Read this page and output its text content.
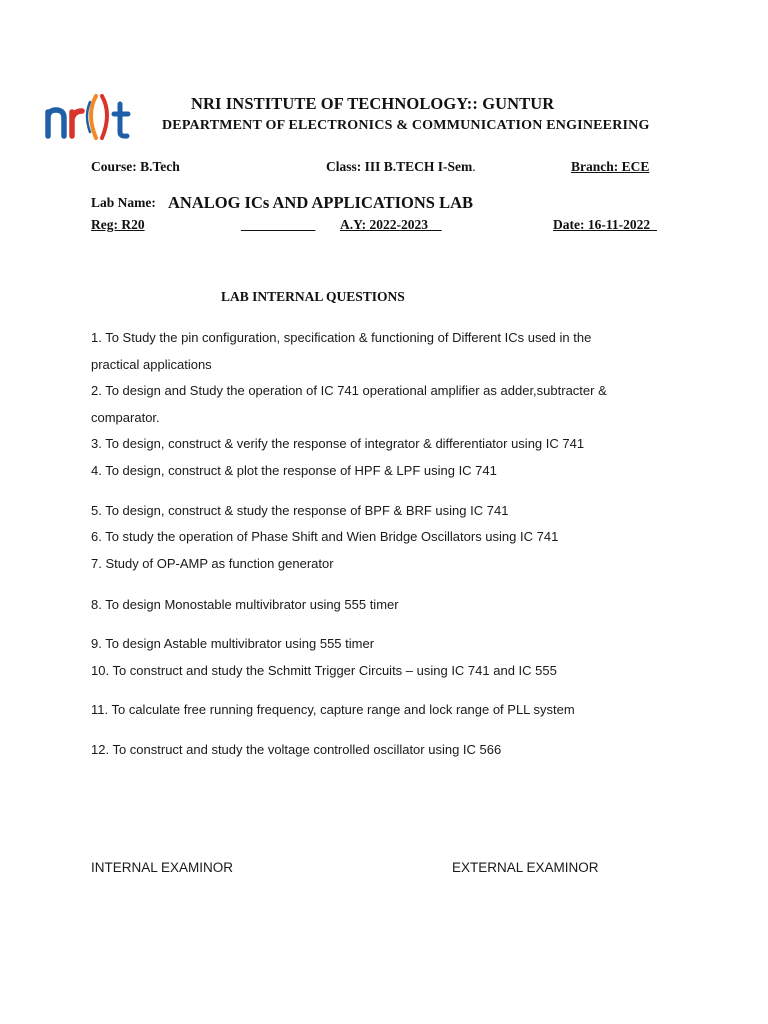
NRI INSTITUTE OF TECHNOLOGY:: GUNTUR
DEPARTMENT OF ELECTRONICS & COMMUNICATION ENGINEERING
Course: B.Tech	Class: III B.TECH I-Sem.	Branch: ECE
Lab Name: ANALOG ICs AND APPLICATIONS LAB
Reg: R20	___________ A.Y: 2022-2023__	Date: 16-11-2022_
LAB INTERNAL QUESTIONS
1. To Study the pin configuration, specification & functioning of Different ICs used in the
practical applications
2. To design and Study the operation of IC 741 operational amplifier as adder,subtracter &
comparator.
3. To design, construct & verify the response of integrator & differentiator using IC 741
4. To design, construct & plot the response of HPF & LPF using IC 741
5. To design, construct & study the response of BPF & BRF using IC 741
6. To study the operation of Phase Shift and Wien Bridge Oscillators using IC 741
7. Study of OP-AMP as function generator
8. To design Monostable multivibrator using 555 timer
9. To design Astable multivibrator using 555 timer
10. To construct and study the Schmitt Trigger Circuits – using IC 741 and IC 555
11. To calculate free running frequency, capture range and lock range of PLL system
12. To construct and study the voltage controlled oscillator using IC 566
INTERNAL EXAMINOR	EXTERNAL EXAMINOR
